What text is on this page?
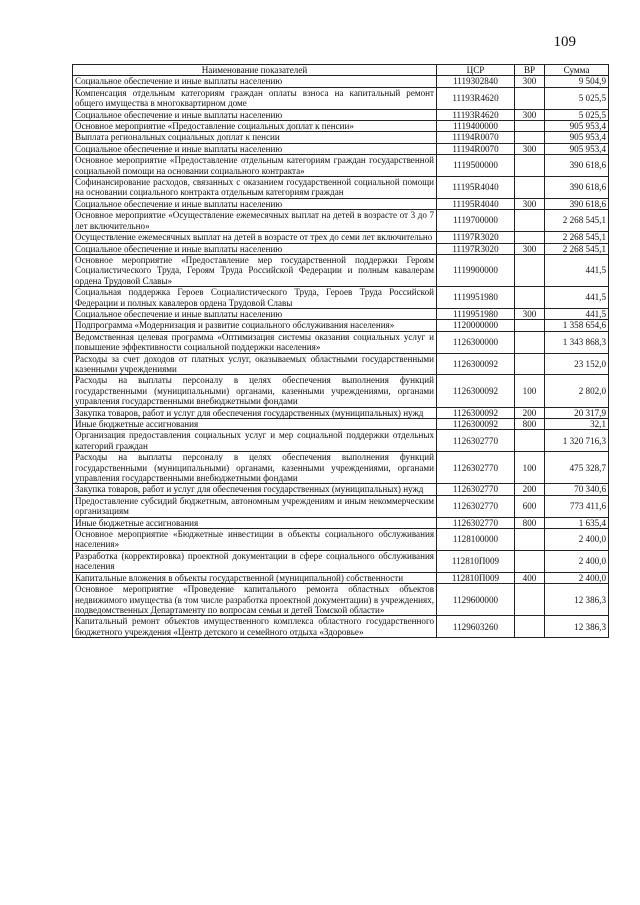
109
Наименование показателей	ЦСР	ВР	Сумма
Социальное обеспечение и иные выплаты населению	1119302840	300	9 504,9
Компенсация отдельным категориям граждан оплаты взноса на капитальный ремонт общего имущества в многоквартирном доме	11193R4620		5 025,5
Социальное обеспечение и иные выплаты населению	11193R4620	300	5 025,5
Основное мероприятие «Предоставление социальных доплат к пенсии»	1119400000		905 953,4
Выплата региональных социальных доплат к пенсии	11194R0070		905 953,4
Социальное обеспечение и иные выплаты населению	11194R0070	300	905 953,4
Основное мероприятие «Предоставление отдельным категориям граждан государственной социальной помощи на основании социального контракта»	1119500000		390 618,6
Софинансирование расходов, связанных с оказанием государственной социальной помощи на основании социального контракта отдельным категориям граждан	11195R4040		390 618,6
Социальное обеспечение и иные выплаты населению	11195R4040	300	390 618,6
Основное мероприятие «Осуществление ежемесячных выплат на детей в возрасте от 3 до 7 лет включительно»	1119700000		2 268 545,1
Осуществление ежемесячных выплат на детей в возрасте от трех до семи лет включительно	11197R3020		2 268 545,1
Социальное обеспечение и иные выплаты населению	11197R3020	300	2 268 545,1
Основное мероприятие «Предоставление мер государственной поддержки Героям Социалистического Труда, Героям Труда Российской Федерации и полным кавалерам ордена Трудовой Славы»	1119900000		441,5
Социальная поддержка Героев Социалистического Труда, Героев Труда Российской Федерации и полных кавалеров ордена Трудовой Славы	1119951980		441,5
Социальное обеспечение и иные выплаты населению	1119951980	300	441,5
Подпрограмма «Модернизация и развитие социального обслуживания населения»	1120000000		1 358 654,6
Ведомственная целевая программа «Оптимизация системы оказания социальных услуг и повышение эффективности социальной поддержки населения»	1126300000		1 343 868,3
Расходы за счет доходов от платных услуг, оказываемых областными государственными казенными учреждениями	1126300092		23 152,0
Расходы на выплаты персоналу в целях обеспечения выполнения функций государственными (муниципальными) органами, казенными учреждениями, органами управления государственными внебюджетными фондами	1126300092	100	2 802,0
Закупка товаров, работ и услуг для обеспечения государственных (муниципальных) нужд	1126300092	200	20 317,9
Иные бюджетные ассигнования	1126300092	800	32,1
Организация предоставления социальных услуг и мер социальной поддержки отдельных категорий граждан	1126302770		1 320 716,3
Расходы на выплаты персоналу в целях обеспечения выполнения функций государственными (муниципальными) органами, казенными учреждениями, органами управления государственными внебюджетными фондами	1126302770	100	475 328,7
Закупка товаров, работ и услуг для обеспечения государственных (муниципальных) нужд	1126302770	200	70 340,6
Предоставление субсидий бюджетным, автономным учреждениям и иным некоммерческим организациям	1126302770	600	773 411,6
Иные бюджетные ассигнования	1126302770	800	1 635,4
Основное мероприятие «Бюджетные инвестиции в объекты социального обслуживания населения»	1128100000		2 400,0
Разработка (корректировка) проектной документации в сфере социального обслуживания населения	112810П009		2 400,0
Капитальные вложения в объекты государственной (муниципальной) собственности	112810П009	400	2 400,0
Основное мероприятие «Проведение капитального ремонта областных объектов недвижимого имущества (в том числе разработка проектной документации) в учреждениях, подведомственных Департаменту по вопросам семьи и детей Томской области»	1129600000		12 386,3
Капитальный ремонт объектов имущественного комплекса областного государственного бюджетного учреждения «Центр детского и семейного отдыха «Здоровье»	1129603260		12 386,3
